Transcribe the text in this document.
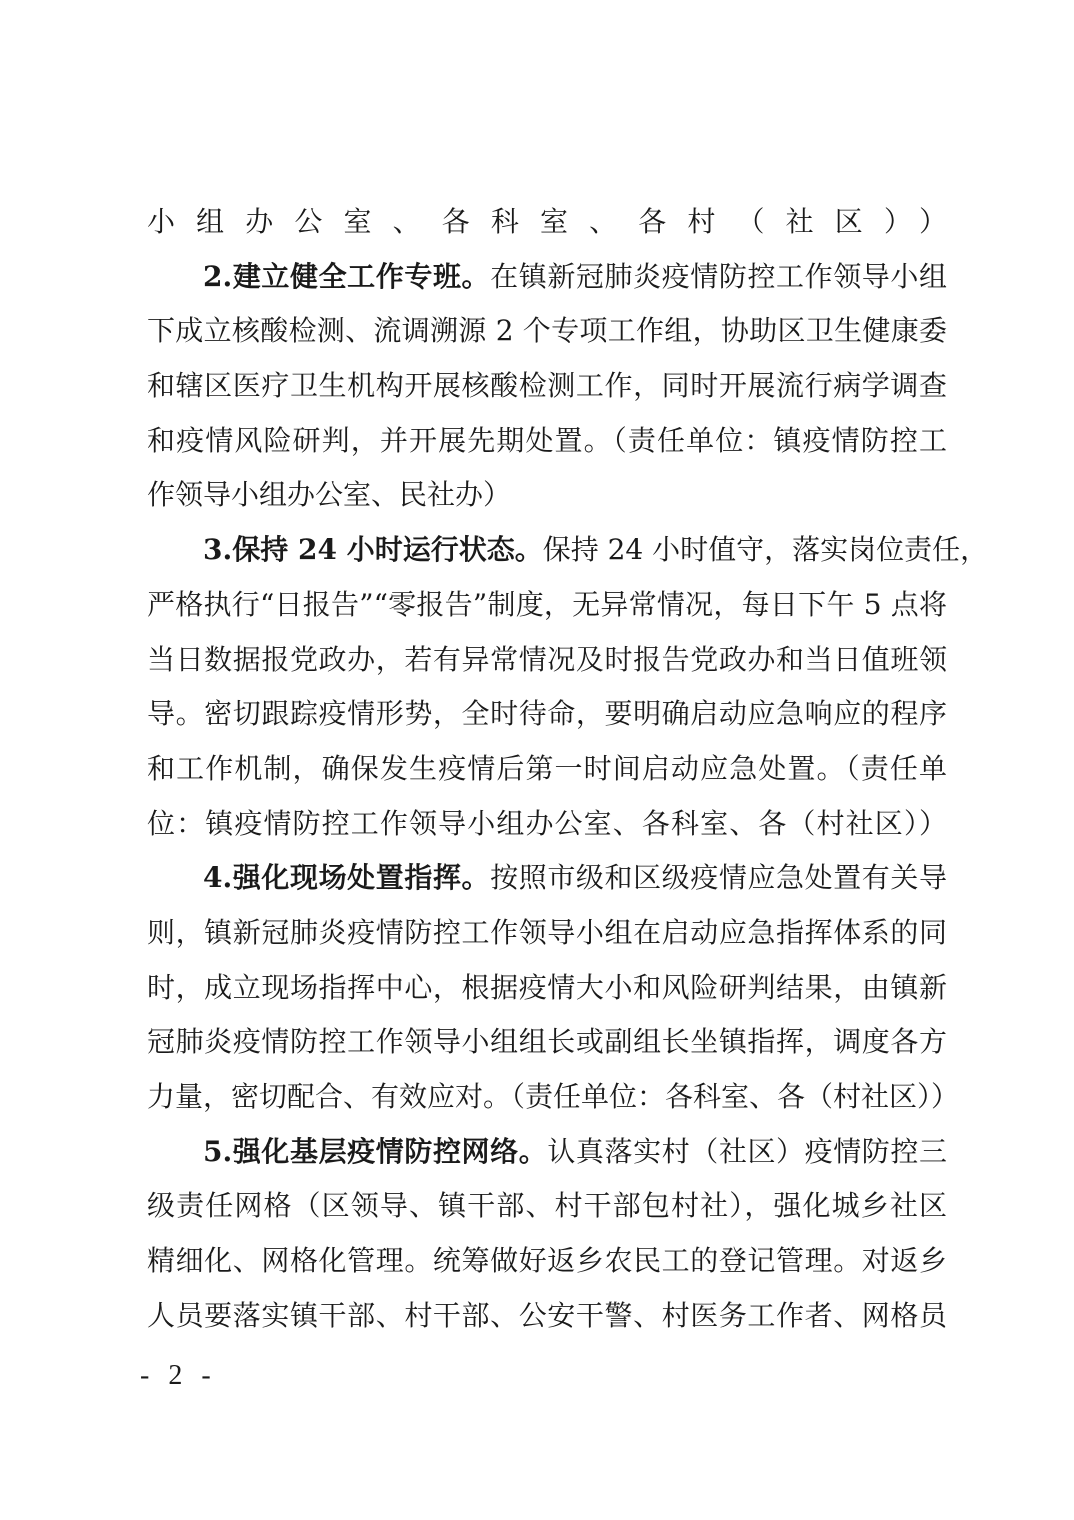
小组办公室、各科室、各村（社区））
2.建立健全工作专班。在镇新冠肺炎疫情防控工作领导小组
下成立核酸检测、流调溯源 2 个专项工作组，协助区卫生健康委
和辖区医疗卫生机构开展核酸检测工作，同时开展流行病学调查
和疫情风险研判，并开展先期处置。（责任单位：镇疫情防控工
作领导小组办公室、民社办）
3.保持 24 小时运行状态。保持 24 小时值守，落实岗位责任，
严格执行“日报告”“零报告”制度，无异常情况，每日下午 5 点将
当日数据报党政办，若有异常情况及时报告党政办和当日值班领
导。密切跟踪疫情形势，全时待命，要明确启动应急响应的程序
和工作机制，确保发生疫情后第一时间启动应急处置。（责任单
位：镇疫情防控工作领导小组办公室、各科室、各（村社区））
4.强化现场处置指挥。按照市级和区级疫情应急处置有关导
则，镇新冠肺炎疫情防控工作领导小组在启动应急指挥体系的同
时，成立现场指挥中心，根据疫情大小和风险研判结果，由镇新
冠肺炎疫情防控工作领导小组组长或副组长坐镇指挥，调度各方
力量，密切配合、有效应对。（责任单位：各科室、各（村社区））
5.强化基层疫情防控网络。认真落实村（社区）疫情防控三
级责任网格（区领导、镇干部、村干部包村社），强化城乡社区
精细化、网格化管理。统筹做好返乡农民工的登记管理。对返乡
人员要落实镇干部、村干部、公安干警、村医务工作者、网格员
- 2 -
